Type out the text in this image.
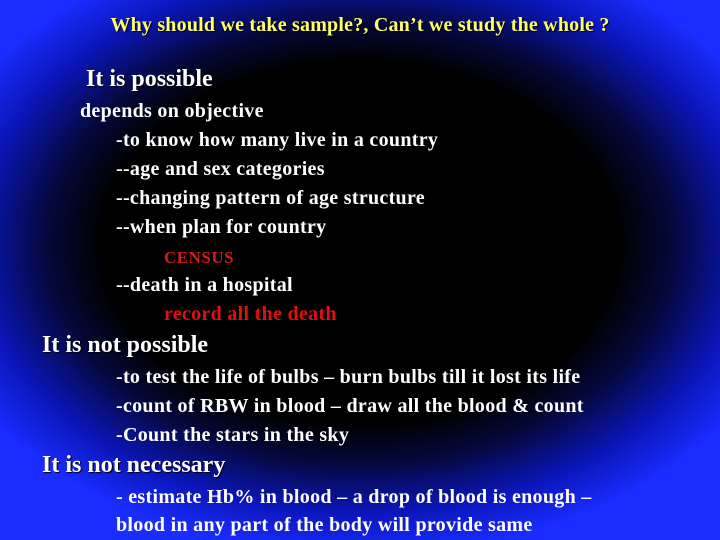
Why should we take sample?, Can’t we study the whole ?
It is possible
depends on objective
-to know how many live in a country
--age and sex categories
--changing pattern of age structure
--when plan for country
CENSUS
--death in a hospital
record all the death
It is not possible
-to test the life of bulbs – burn bulbs till it lost its life
-count of RBW in blood – draw all the blood & count
-Count the stars in the sky
It is not necessary
- estimate Hb% in blood – a drop of blood is enough –
blood in any part of the body will provide same
